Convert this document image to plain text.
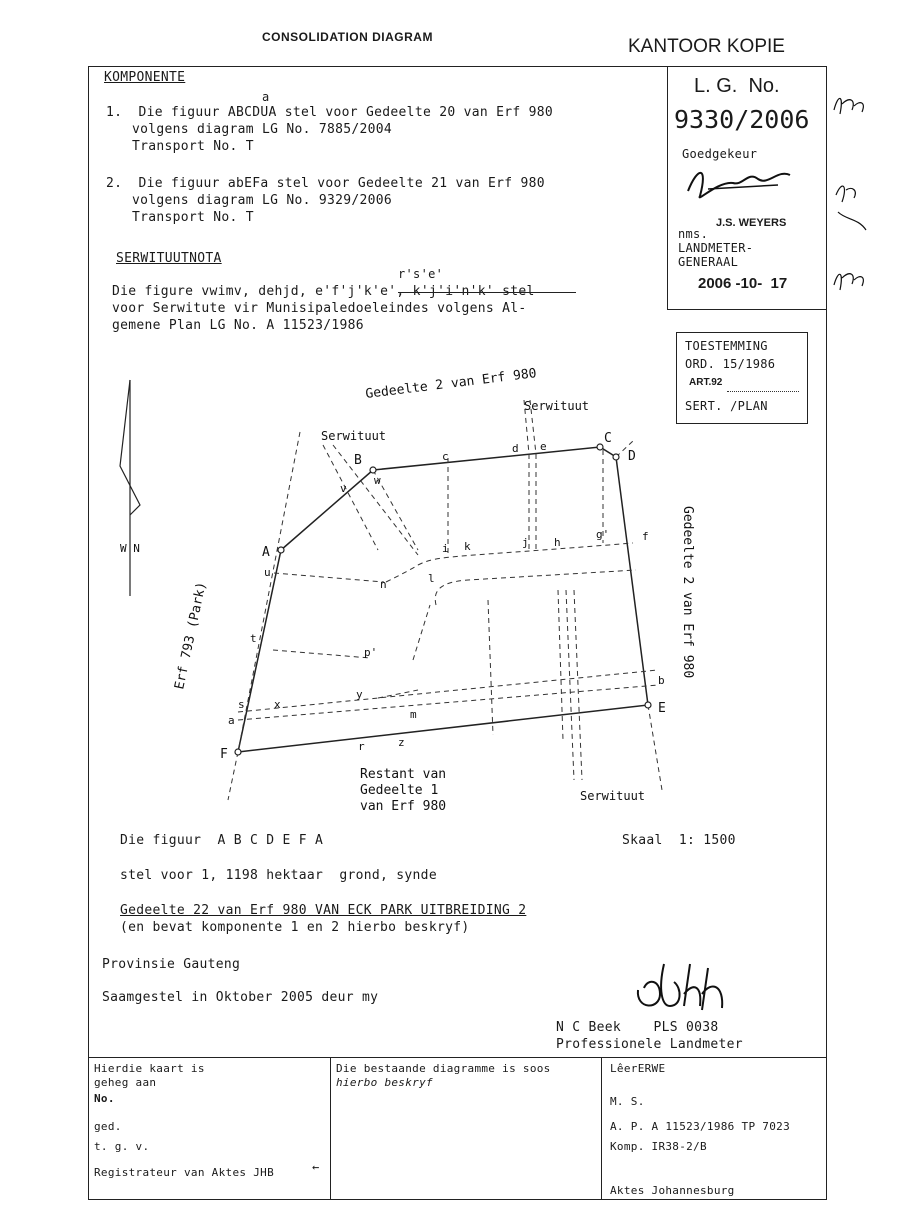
CONSOLIDATION DIAGRAM	KANTOOR KOPIE
L. G.  No.
9330/2006
Goedgekeur
J.S. WEYERS
nms.
LANDMETER-
GENERAAL
2006 -10-  17
KOMPONENTE
a
1.  Die figuur ABCDUA stel voor Gedeelte 20 van Erf 980
volgens diagram LG No. 7885/2004
Transport No. T
2.  Die figuur abEFa stel voor Gedeelte 21 van Erf 980
volgens diagram LG No. 9329/2006
Transport No. T
SERWITUUTNOTA
r's'e'
Die figure vwimv, dehjd, e'f'j'k'e', k'j'i'n'k' stel
voor Serwitute vir Munisipaledoeleindes volgens Al-
gemene Plan LG No. A 11523/1986
TOESTEMMING
ORD. 15/1986
ART.92
SERT. /PLAN
A
B
C
D
E
F
a
b
c
d e
f
g'
h
i	j
k
l
m
n
p'
r
s
t
u
v
w
x
y
z
Gedeelte 2 van Erf 980
Serwituut
Serwituut
Serwituut
W N
Restant van
Gedeelte 1
van Erf 980
Erf 793 (Park)	Gedeelte 2 van Erf 980
Die figuur  A B C D E F A	Skaal  1: 1500
stel voor 1, 1198 hektaar  grond, synde
Gedeelte 22 van Erf 980 VAN ECK PARK UITBREIDING 2
(en bevat komponente 1 en 2 hierbo beskryf)
Provinsie Gauteng
Saamgestel in Oktober 2005 deur my
N C Beek    PLS 0038
Professionele Landmeter
Hierdie kaart is
geheg aan
No.
ged.
t. g. v.
Registrateur van Aktes JHB	←
Die bestaande diagramme is soos
hierbo beskryf
LêerERWE
M. S.
A. P. A 11523/1986 TP 7023
Komp. IR38-2/B
Aktes Johannesburg
